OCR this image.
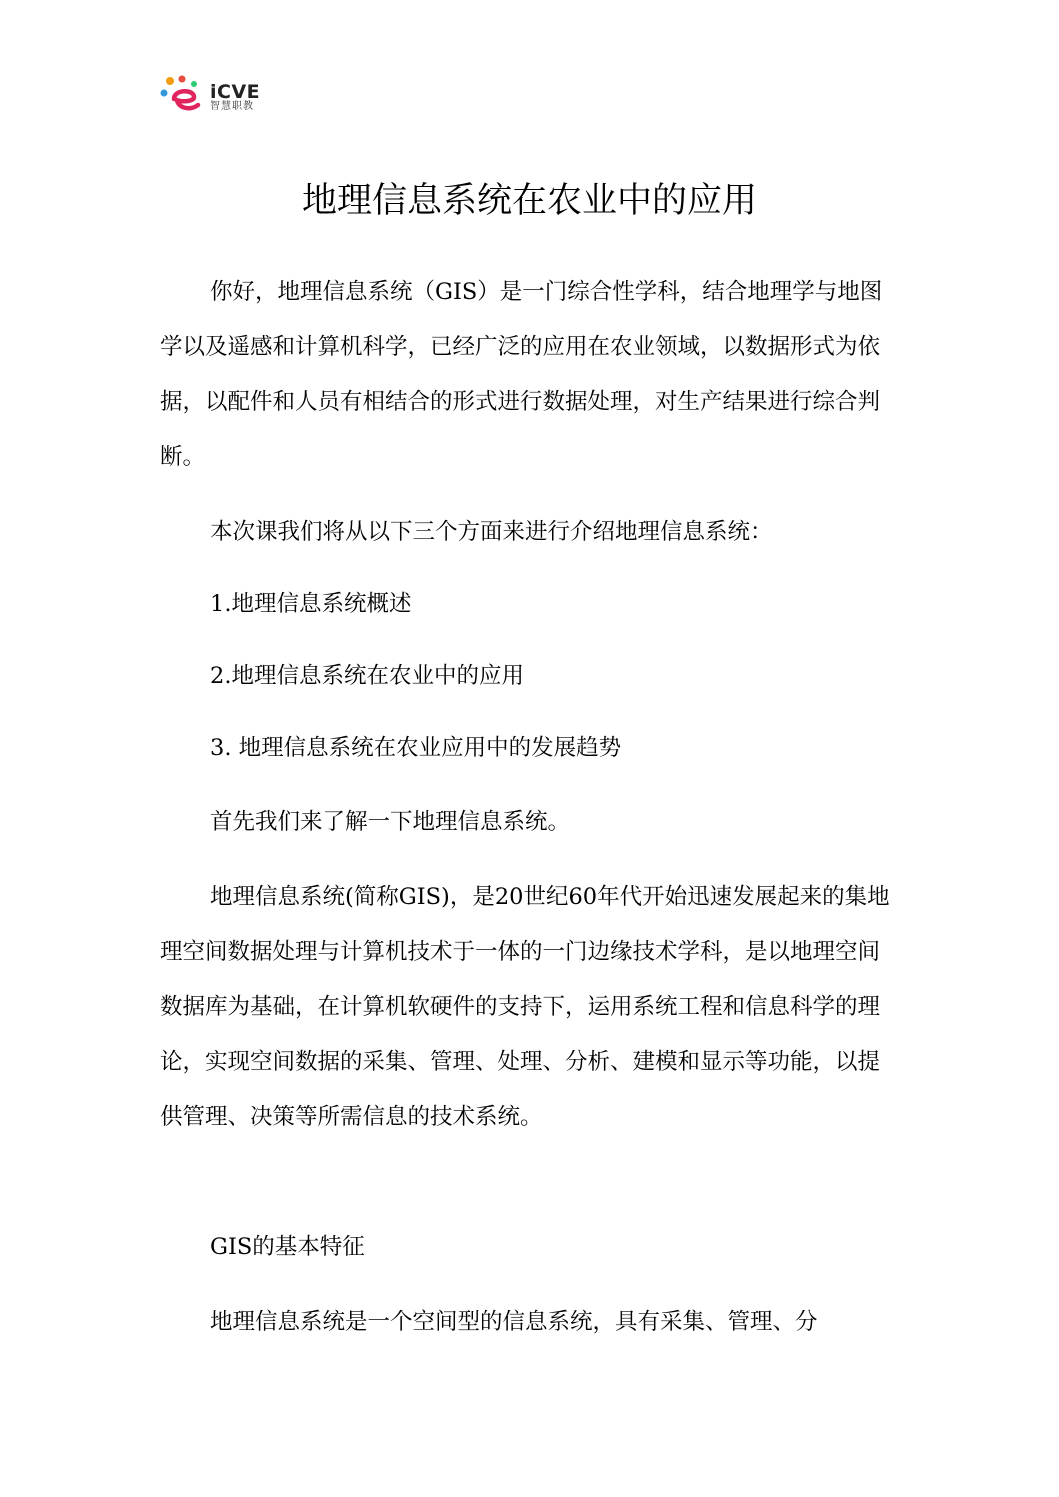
iCVE
智慧职教
地理信息系统在农业中的应用

你好，地理信息系统（GIS）是一门综合性学科，结合地理学与地图学以及遥感和计算机科学，已经广泛的应用在农业领域，以数据形式为依据，以配件和人员有相结合的形式进行数据处理，对生产结果进行综合判断。

本次课我们将从以下三个方面来进行介绍地理信息系统：

1.地理信息系统概述

2.地理信息系统在农业中的应用

3. 地理信息系统在农业应用中的发展趋势

首先我们来了解一下地理信息系统。

地理信息系统(简称GIS)，是20世纪60年代开始迅速发展起来的集地理空间数据处理与计算机技术于一体的一门边缘技术学科，是以地理空间数据库为基础，在计算机软硬件的支持下，运用系统工程和信息科学的理论，实现空间数据的采集、管理、处理、分析、建模和显示等功能，以提供管理、决策等所需信息的技术系统。

GIS的基本特征

地理信息系统是一个空间型的信息系统，具有采集、管理、分
